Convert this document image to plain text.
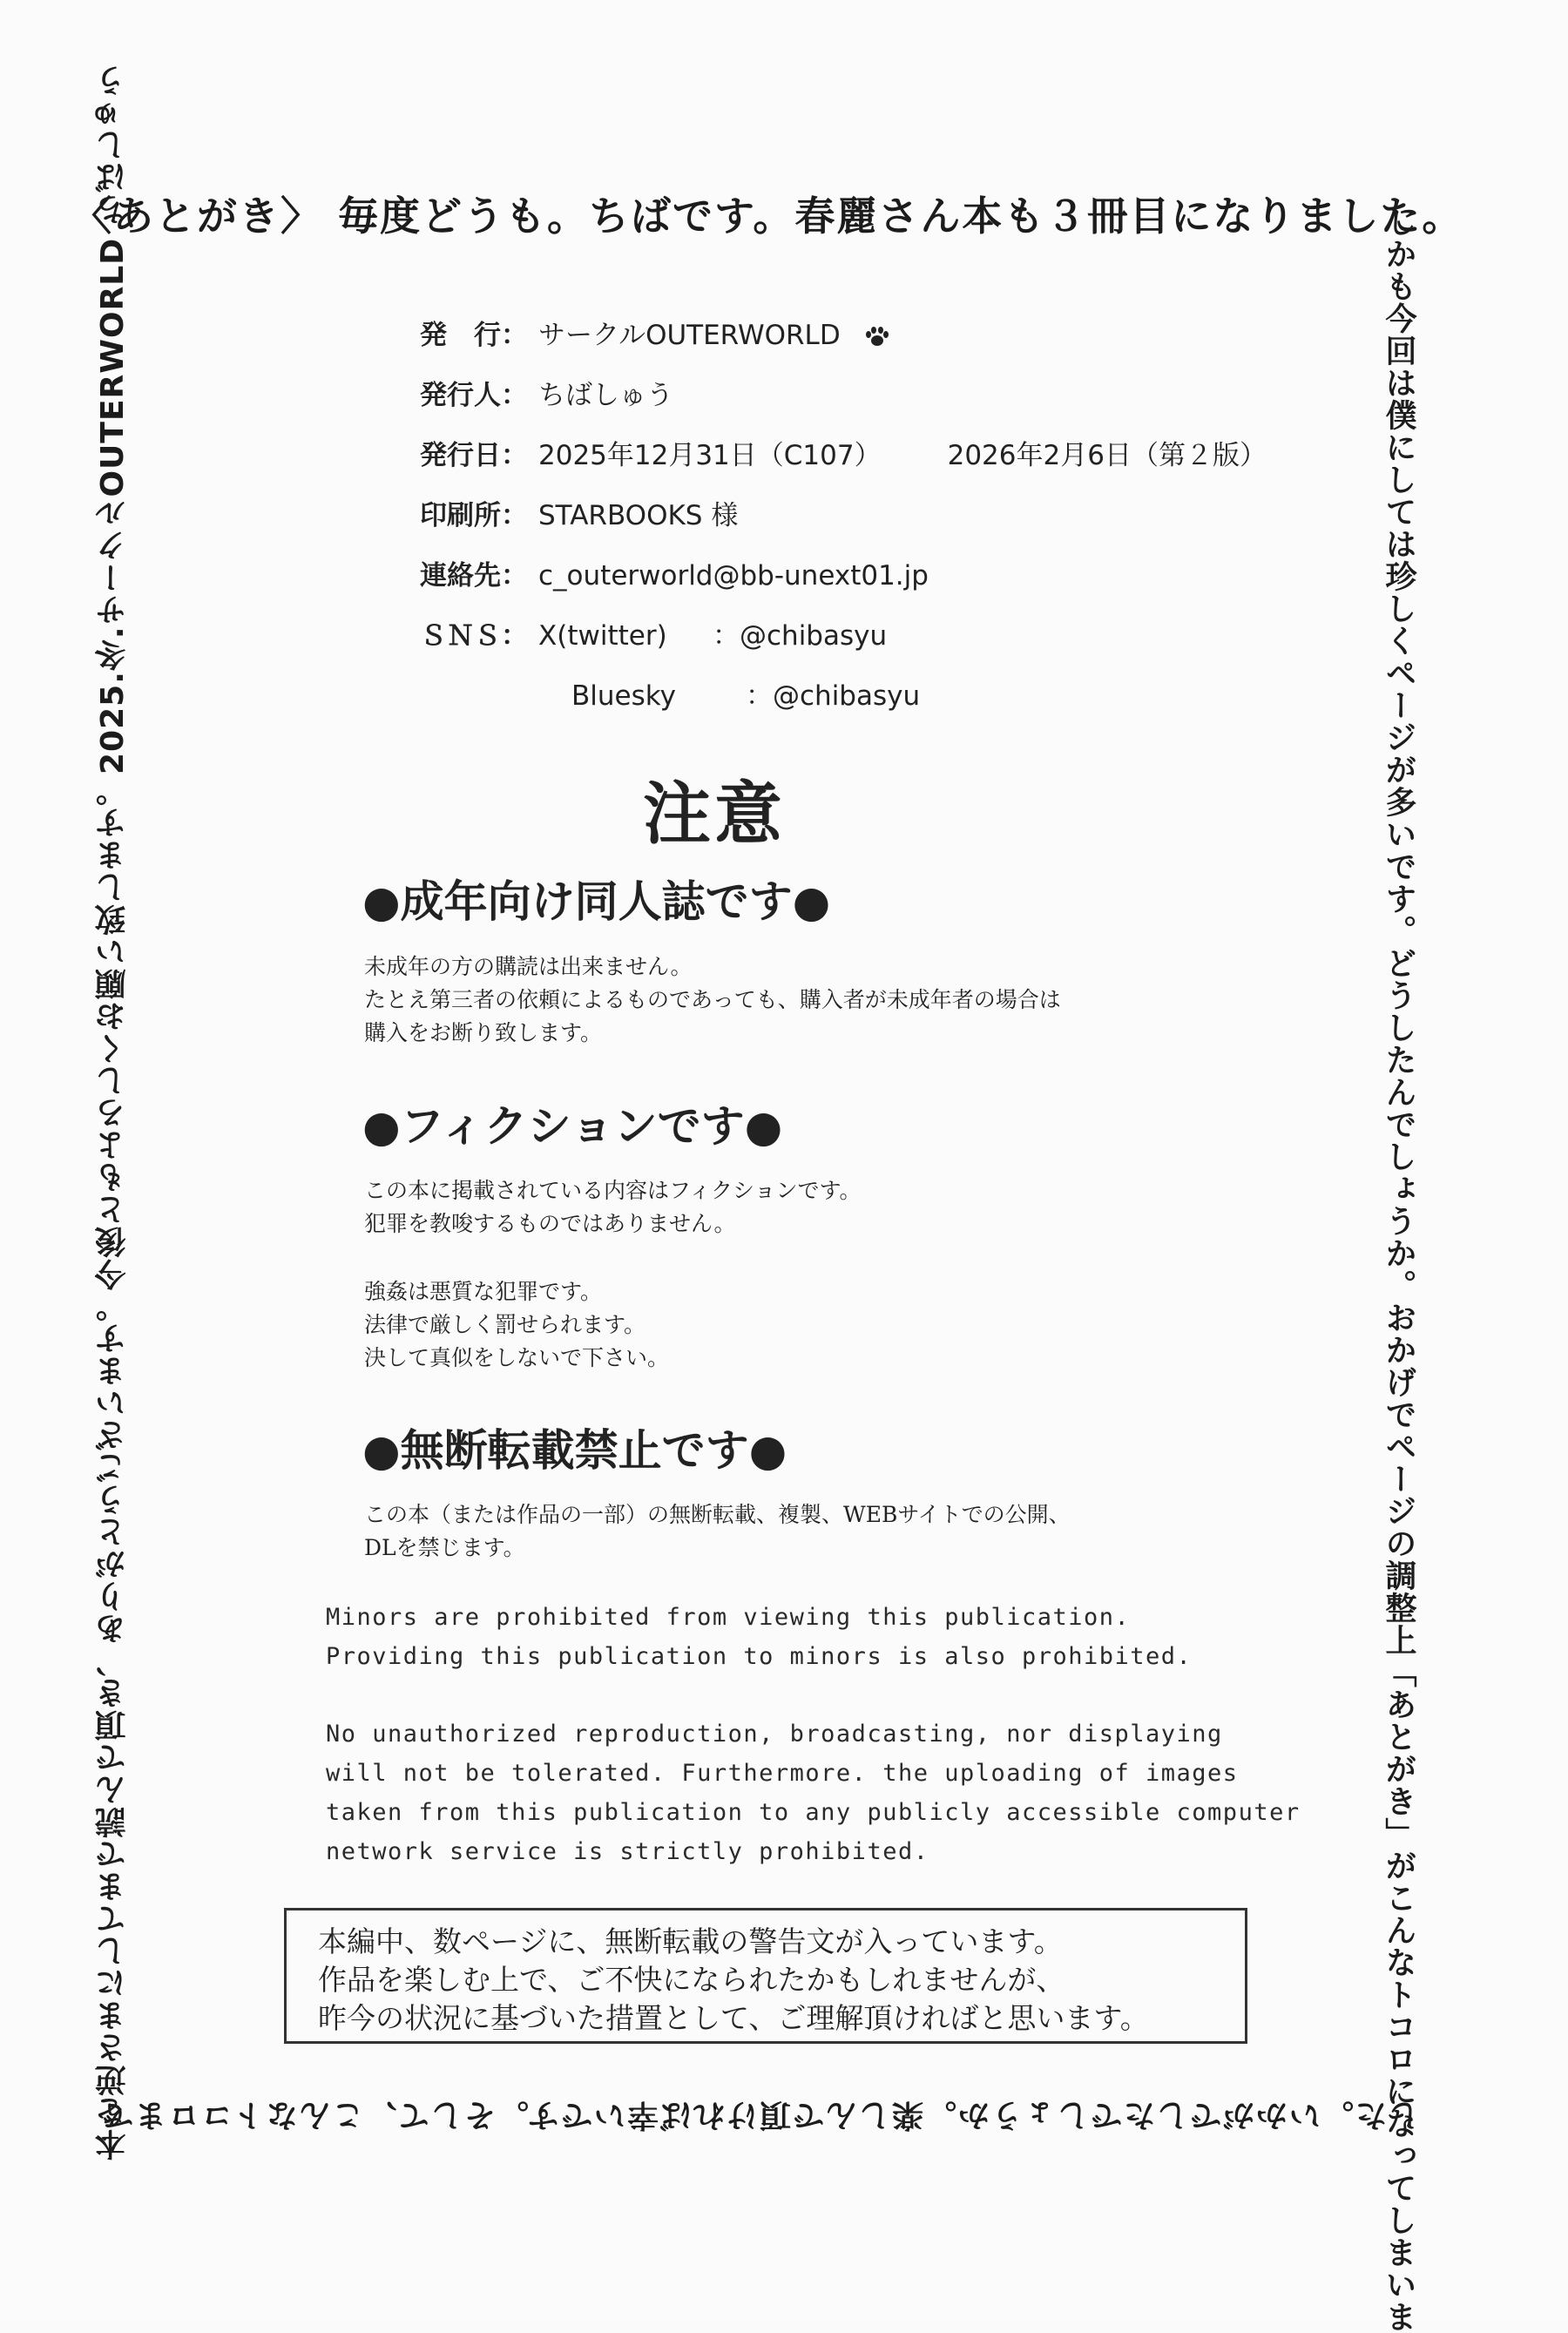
〈あとがき〉 毎度どうも。ちばです。春麗さん本も３冊目になりました。
しかも今回は僕にしては珍しくページが多いです。どうしたんでしょうか。おかげでページの調整上「あとがき」がこんなトコロになってしまいま
した。いかがでしたでしょうか。楽しんで頂ければ幸いです。そして、こんなトコロまで
本を逆さまにしてまで読んで頂き、ありがとうございます。今後ともよろしくお願い致します。2025.冬.サークルOUTERWORLD ちばしゅう	発　行： サークルOUTERWORLD
発行人： ちばしゅう
発行日： 2025年12月31日（C107） 2026年2月6日（第２版）
印刷所： STARBOOKS 様
連絡先： c_outerworld@bb-unext01.jp
ＳＮＳ： X(twitter) ：@chibasyu
Bluesky	：@chibasyu
注意
●成年向け同人誌です●
未成年の方の購読は出来ません。
たとえ第三者の依頼によるものであっても、購入者が未成年者の場合は
購入をお断り致します。
●フィクションです●
この本に掲載されている内容はフィクションです。
犯罪を教唆するものではありません。
強姦は悪質な犯罪です。
法律で厳しく罰せられます。
決して真似をしないで下さい。
●無断転載禁止です●
この本（または作品の一部）の無断転載、複製、WEBサイトでの公開、
DLを禁じます。
Minors are prohibited from viewing this publication.
Providing this publication to minors is also prohibited.
No unauthorized reproduction, broadcasting, nor displaying
will not be tolerated. Furthermore. the uploading of images
taken from this publication to any publicly accessible computer
network service is strictly prohibited.
本編中、数ページに、無断転載の警告文が入っています。
作品を楽しむ上で、ご不快になられたかもしれませんが、
昨今の状況に基づいた措置として、ご理解頂ければと思います。
